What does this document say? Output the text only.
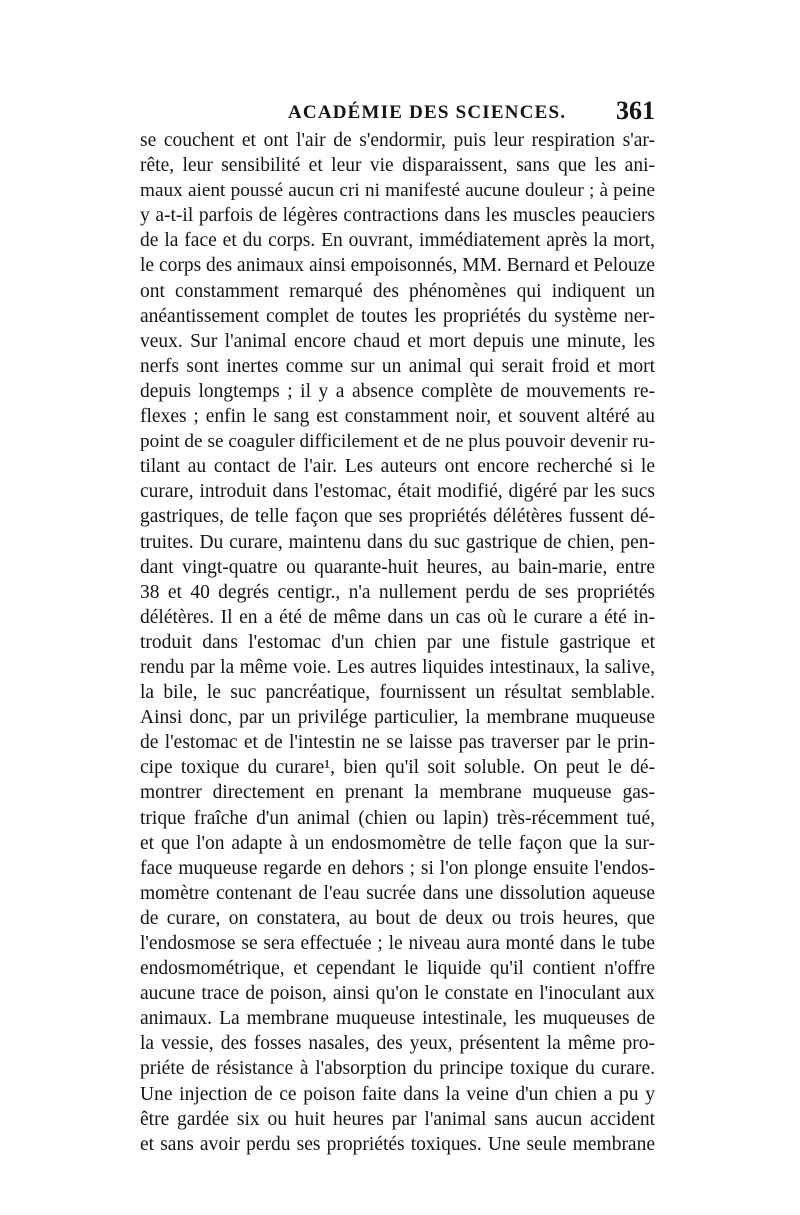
ACADÉMIE DES SCIENCES. 361
se couchent et ont l'air de s'endormir, puis leur respiration s'ar-
rête, leur sensibilité et leur vie disparaissent, sans que les ani-
maux aient poussé aucun cri ni manifesté aucune douleur ; à peine
y a-t-il parfois de légères contractions dans les muscles peauciers
de la face et du corps. En ouvrant, immédiatement après la mort,
le corps des animaux ainsi empoisonnés, MM. Bernard et Pelouze
ont constamment remarqué des phénomènes qui indiquent un
anéantissement complet de toutes les propriétés du système ner-
veux. Sur l'animal encore chaud et mort depuis une minute, les
nerfs sont inertes comme sur un animal qui serait froid et mort
depuis longtemps ; il y a absence complète de mouvements re-
flexes ; enfin le sang est constamment noir, et souvent altéré au
point de se coaguler difficilement et de ne plus pouvoir devenir ru-
tilant au contact de l'air. Les auteurs ont encore recherché si le
curare, introduit dans l'estomac, était modifié, digéré par les sucs
gastriques, de telle façon que ses propriétés délétères fussent dé-
truites. Du curare, maintenu dans du suc gastrique de chien, pen-
dant vingt-quatre ou quarante-huit heures, au bain-marie, entre
38 et 40 degrés centigr., n'a nullement perdu de ses propriétés
délétères. Il en a été de même dans un cas où le curare a été in-
troduit dans l'estomac d'un chien par une fistule gastrique et
rendu par la même voie. Les autres liquides intestinaux, la salive,
la bile, le suc pancréatique, fournissent un résultat semblable.
Ainsi donc, par un privilége particulier, la membrane muqueuse
de l'estomac et de l'intestin ne se laisse pas traverser par le prin-
cipe toxique du curare¹, bien qu'il soit soluble. On peut le dé-
montrer directement en prenant la membrane muqueuse gas-
trique fraîche d'un animal (chien ou lapin) très-récemment tué,
et que l'on adapte à un endosmomètre de telle façon que la sur-
face muqueuse regarde en dehors ; si l'on plonge ensuite l'endos-
momètre contenant de l'eau sucrée dans une dissolution aqueuse
de curare, on constatera, au bout de deux ou trois heures, que
l'endosmose se sera effectuée ; le niveau aura monté dans le tube
endosmométrique, et cependant le liquide qu'il contient n'offre
aucune trace de poison, ainsi qu'on le constate en l'inoculant aux
animaux. La membrane muqueuse intestinale, les muqueuses de
la vessie, des fosses nasales, des yeux, présentent la même pro-
priéte de résistance à l'absorption du principe toxique du curare.
Une injection de ce poison faite dans la veine d'un chien a pu y
être gardée six ou huit heures par l'animal sans aucun accident
et sans avoir perdu ses propriétés toxiques. Une seule membrane
